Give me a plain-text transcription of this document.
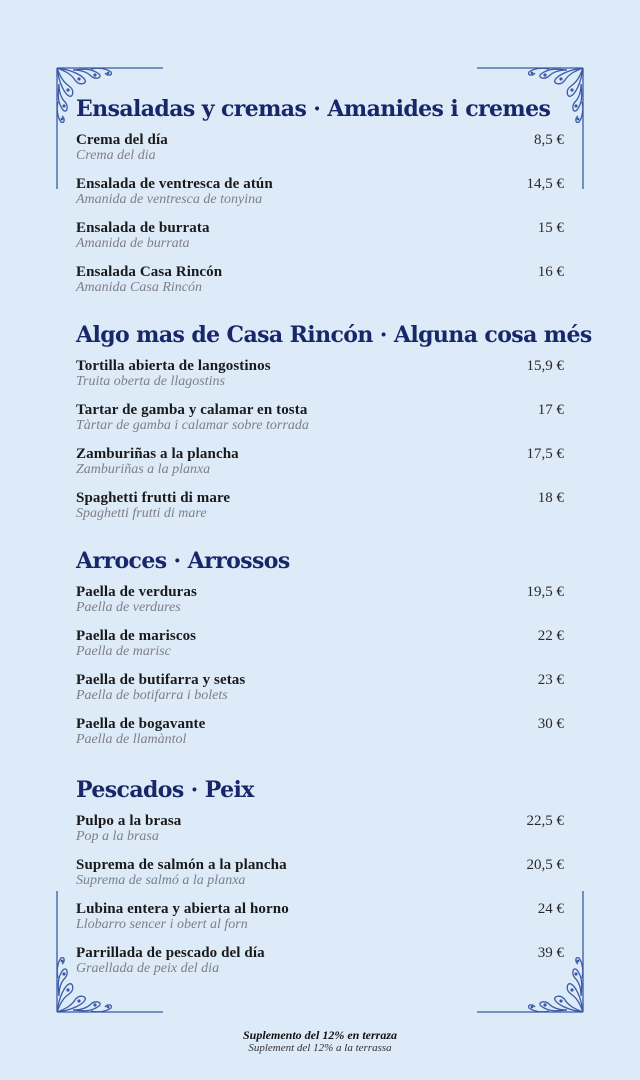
Ensaladas y cremas · Amanides i cremes
Crema del día
Crema del dia
8,5 €
Ensalada de ventresca de atún
Amanida de ventresca de tonyina
14,5 €
Ensalada de burrata
Amanida de burrata
15 €
Ensalada Casa Rincón
Amanida Casa Rincón
16 €
Algo mas de Casa Rincón · Alguna cosa més
Tortilla abierta de langostinos
Truita oberta de llagostins
15,9 €
Tartar de gamba y calamar en tosta
Tàrtar de gamba i calamar sobre torrada
17 €
Zamburiñas a la plancha
Zamburiñas a la planxa
17,5 €
Spaghetti frutti di mare
Spaghetti frutti di mare
18 €
Arroces · Arrossos
Paella de verduras
Paella de verdures
19,5 €
Paella de mariscos
Paella de marisc
22 €
Paella de butifarra y setas
Paella de botifarra i bolets
23 €
Paella de bogavante
Paella de llamàntol
30 €
Pescados · Peix
Pulpo a la brasa
Pop a la brasa
22,5 €
Suprema de salmón a la plancha
Suprema de salmó a la planxa
20,5 €
Lubina entera y abierta al horno
Llobarro sencer i obert al forn
24 €
Parrillada de pescado del día
Graellada de peix del dia
39 €
Suplemento del 12% en terraza
Suplement del 12% a la terrassa
